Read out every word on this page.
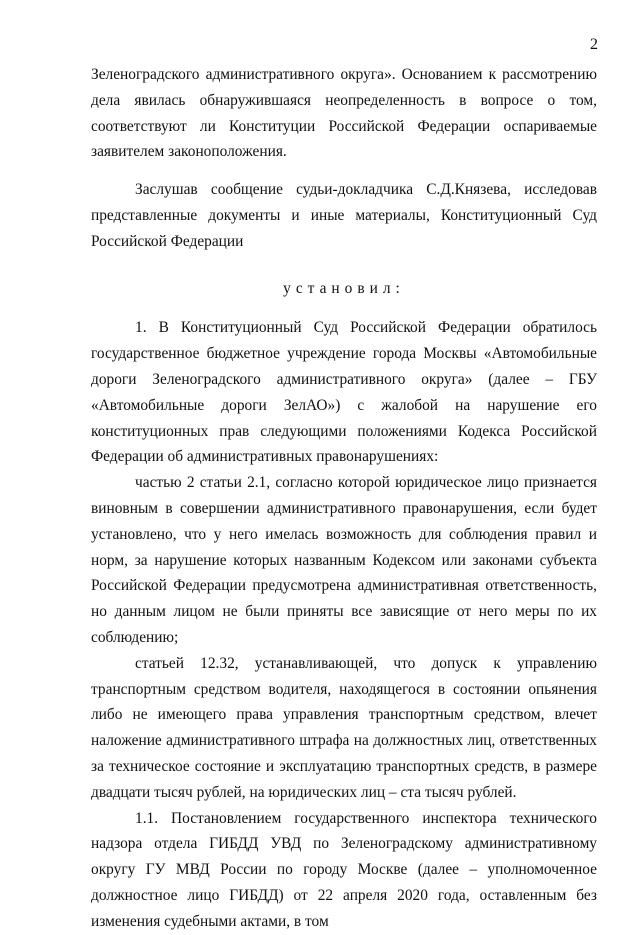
2

Зеленоградского административного округа». Основанием к рассмотрению дела явилась обнаружившаяся неопределенность в вопросе о том, соответствуют ли Конституции Российской Федерации оспариваемые заявителем законоположения.

Заслушав сообщение судьи-докладчика С.Д.Князева, исследовав представленные документы и иные материалы, Конституционный Суд Российской Федерации

установил:

1. В Конституционный Суд Российской Федерации обратилось государственное бюджетное учреждение города Москвы «Автомобильные дороги Зеленоградского административного округа» (далее – ГБУ «Автомобильные дороги ЗелАО») с жалобой на нарушение его конституционных прав следующими положениями Кодекса Российской Федерации об административных правонарушениях:

частью 2 статьи 2.1, согласно которой юридическое лицо признается виновным в совершении административного правонарушения, если будет установлено, что у него имелась возможность для соблюдения правил и норм, за нарушение которых названным Кодексом или законами субъекта Российской Федерации предусмотрена административная ответственность, но данным лицом не были приняты все зависящие от него меры по их соблюдению;

статьей 12.32, устанавливающей, что допуск к управлению транспортным средством водителя, находящегося в состоянии опьянения либо не имеющего права управления транспортным средством, влечет наложение административного штрафа на должностных лиц, ответственных за техническое состояние и эксплуатацию транспортных средств, в размере двадцати тысяч рублей, на юридических лиц – ста тысяч рублей.

1.1. Постановлением государственного инспектора технического надзора отдела ГИБДД УВД по Зеленоградскому административному округу ГУ МВД России по городу Москве (далее – уполномоченное должностное лицо ГИБДД) от 22 апреля 2020 года, оставленным без изменения судебными актами, в том
